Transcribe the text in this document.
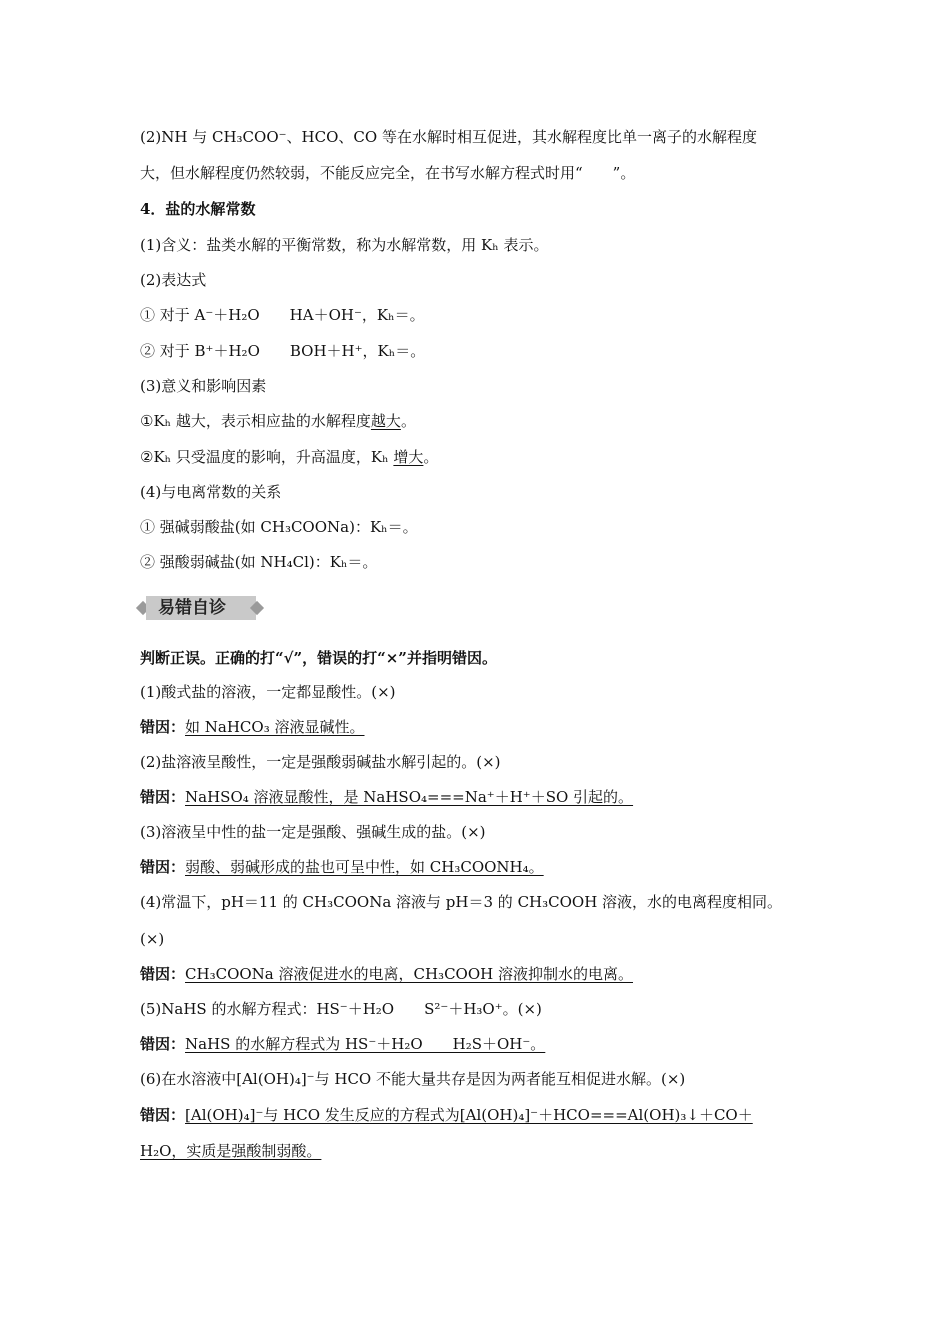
(2)NH 与 CH₃COO⁻、HCO、CO 等在水解时相互促进，其水解程度比单一离子的水解程度
大，但水解程度仍然较弱，不能反应完全，在书写水解方程式时用“　　”。
4．盐的水解常数
(1)含义：盐类水解的平衡常数，称为水解常数，用 Kₕ 表示。
(2)表达式
① 对于 A⁻＋H₂O　　HA＋OH⁻，Kₕ＝。
② 对于 B⁺＋H₂O　　BOH＋H⁺，Kₕ＝。
(3)意义和影响因素
①Kₕ 越大，表示相应盐的水解程度越大。
②Kₕ 只受温度的影响，升高温度，Kₕ 增大。
(4)与电离常数的关系
① 强碱弱酸盐(如 CH₃COONa)：Kₕ＝。
② 强酸弱碱盐(如 NH₄Cl)：Kₕ＝。
易错自诊
判断正误。正确的打“√”，错误的打“×”并指明错因。
(1)酸式盐的溶液，一定都显酸性。(×)
错因：如 NaHCO₃ 溶液显碱性。
(2)盐溶液呈酸性，一定是强酸弱碱盐水解引起的。(×)
错因：NaHSO₄ 溶液显酸性，是 NaHSO₄===Na⁺＋H⁺＋SO 引起的。
(3)溶液呈中性的盐一定是强酸、强碱生成的盐。(×)
错因：弱酸、弱碱形成的盐也可呈中性，如 CH₃COONH₄。
(4)常温下，pH＝11 的 CH₃COONa 溶液与 pH＝3 的 CH₃COOH 溶液，水的电离程度相同。
(×)
错因：CH₃COONa 溶液促进水的电离，CH₃COOH 溶液抑制水的电离。
(5)NaHS 的水解方程式：HS⁻＋H₂O　　S²⁻＋H₃O⁺。(×)
错因：NaHS 的水解方程式为 HS⁻＋H₂O　　H₂S＋OH⁻。
(6)在水溶液中[Al(OH)₄]⁻与 HCO 不能大量共存是因为两者能互相促进水解。(×)
错因：[Al(OH)₄]⁻与 HCO 发生反应的方程式为[Al(OH)₄]⁻＋HCO===Al(OH)₃↓＋CO＋
H₂O，实质是强酸制弱酸。
